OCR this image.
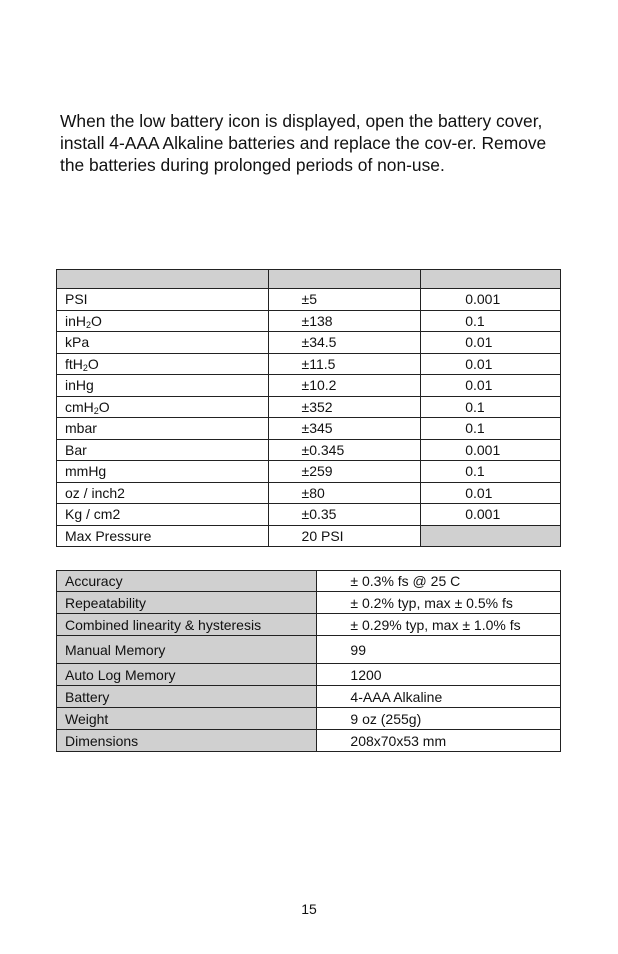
When the low battery icon is displayed, open the battery cover, install 4-AAA Alkaline batteries and replace the cov-er. Remove the batteries during prolonged periods of non-use.

PSI	±5	0.001
inH$_2$O	±138	0.1
kPa	±34.5	0.01
ftH$_2$O	±11.5	0.01
inHg	±10.2	0.01
cmH$_2$O	±352	0.1
mbar	±345	0.1
Bar	±0.345	0.001
mmHg	±259	0.1
oz / inch2	±80	0.01
Kg / cm2	±0.35	0.001
Max Pressure	20 PSI	
Accuracy	± 0.3% fs @ 25 C
Repeatability	± 0.2% typ, max ± 0.5% fs
Combined linearity & hysteresis	± 0.29% typ, max ± 1.0% fs
Manual Memory	99
Auto Log Memory	1200
Battery	4-AAA Alkaline
Weight	9 oz (255g)
Dimensions	208x70x53 mm
15
